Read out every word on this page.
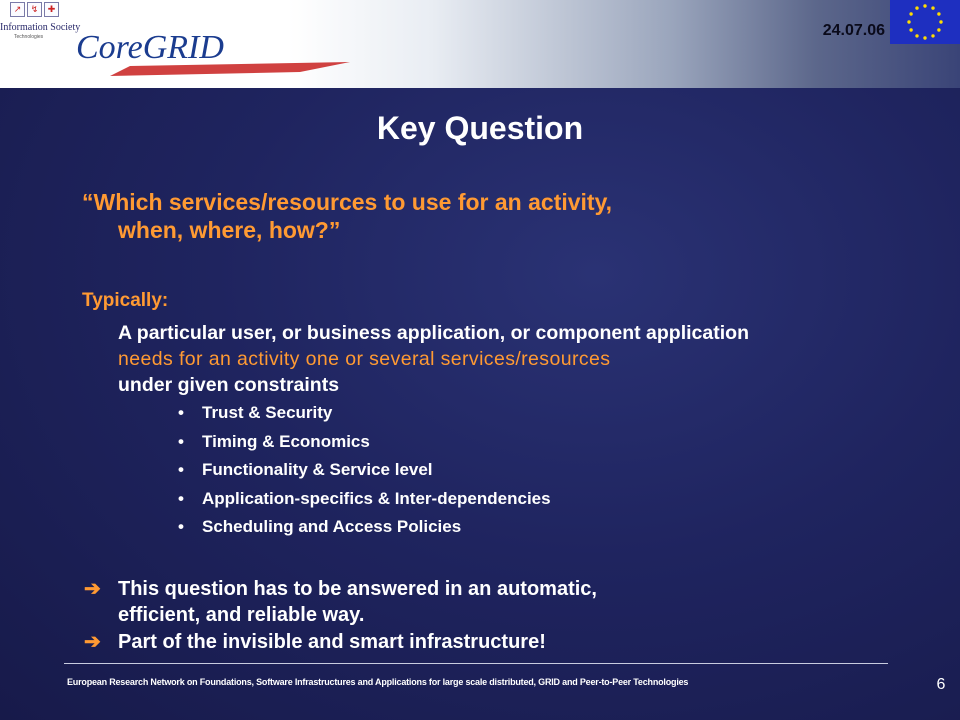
↗	↯	✚
Information Society
Technologies CoreGRID	24.07.06
Key Question
“Which services/resources to use for an activity,
when, where, how?”
Typically:
A particular user, or business application, or component application
needs for an activity one or several services/resources
under given constraints
• Trust & Security
• Timing & Economics
• Functionality & Service level
• Application-specifics & Inter-dependencies
• Scheduling and Access Policies
➔ This question has to be answered in an automatic,
efficient, and reliable way.
➔ Part of the invisible and smart infrastructure!
European Research Network on Foundations, Software Infrastructures and Applications for large scale distributed, GRID and Peer-to-Peer Technologies	6
